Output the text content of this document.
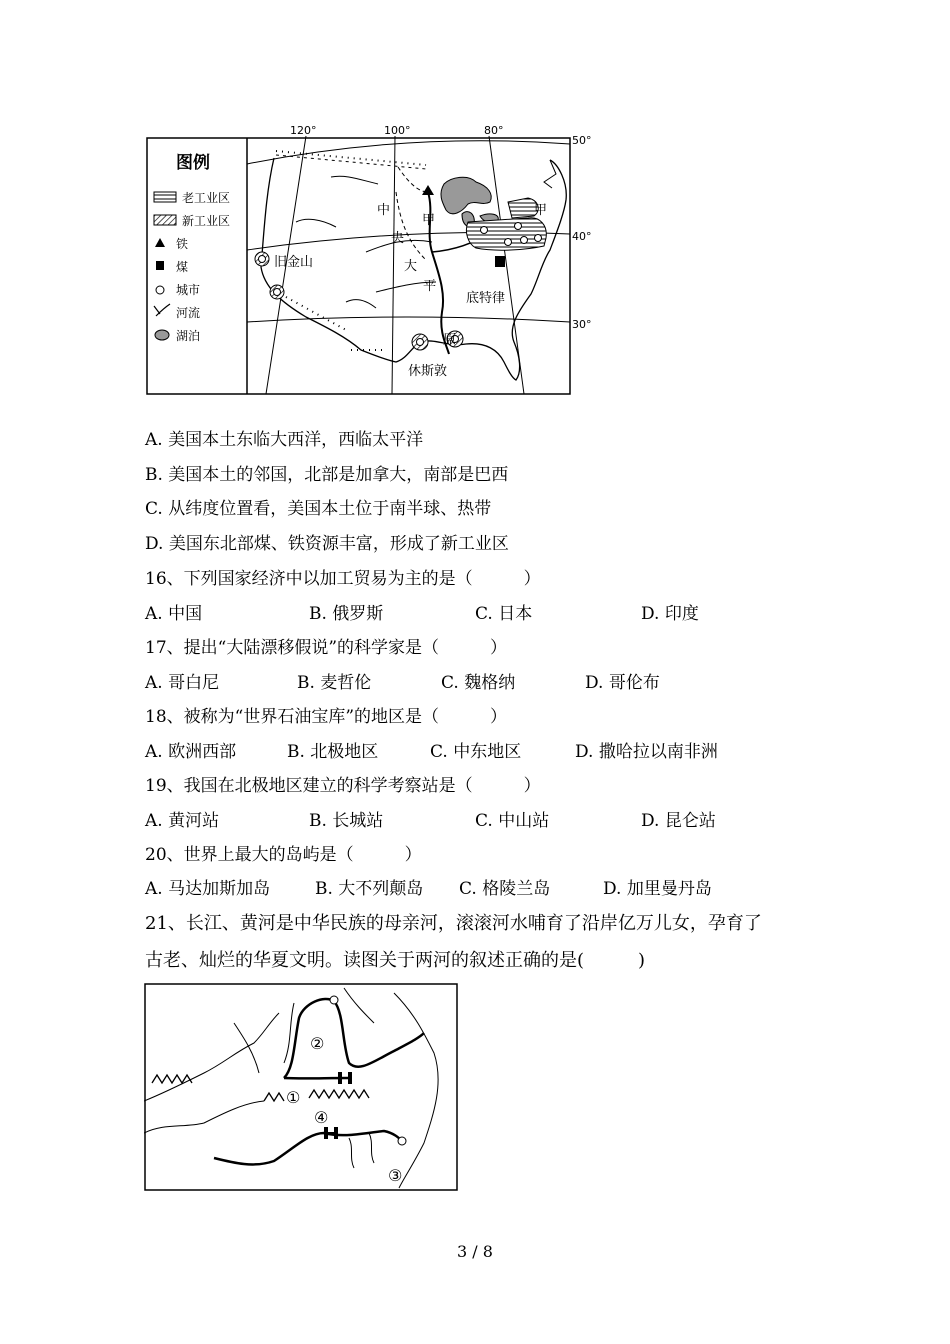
120°	100°	80°
50°
40°
30°
中
央
大
平
原
甲
甲
旧金山
底特律
休斯敦
图例
老工业区
新工业区
铁
煤
城市
河流
湖泊
A. 美国本土东临大西洋，西临太平洋
B. 美国本土的邻国，北部是加拿大，南部是巴西
C. 从纬度位置看，美国本土位于南半球、热带
D. 美国东北部煤、铁资源丰富，形成了新工业区
16、下列国家经济中以加工贸易为主的是（　　　）
A. 中国	B. 俄罗斯	C. 日本	D. 印度
17、提出“大陆漂移假说”的科学家是（　　　）
A. 哥白尼	B. 麦哲伦	C. 魏格纳	D. 哥伦布
18、被称为“世界石油宝库”的地区是（　　　）
A. 欧洲西部	B. 北极地区	C. 中东地区	D. 撒哈拉以南非洲
19、我国在北极地区建立的科学考察站是（　　　）
A. 黄河站	B. 长城站	C. 中山站	D. 昆仑站
20、世界上最大的岛屿是（　　　）
A. 马达加斯加岛	B. 大不列颠岛 C. 格陵兰岛	D. 加里曼丹岛
21、长江、黄河是中华民族的母亲河，滚滚河水哺育了沿岸亿万儿女，孕育了
古老、灿烂的华夏文明。读图关于两河的叙述正确的是(　　　)
②
①
④
③
3 / 8
